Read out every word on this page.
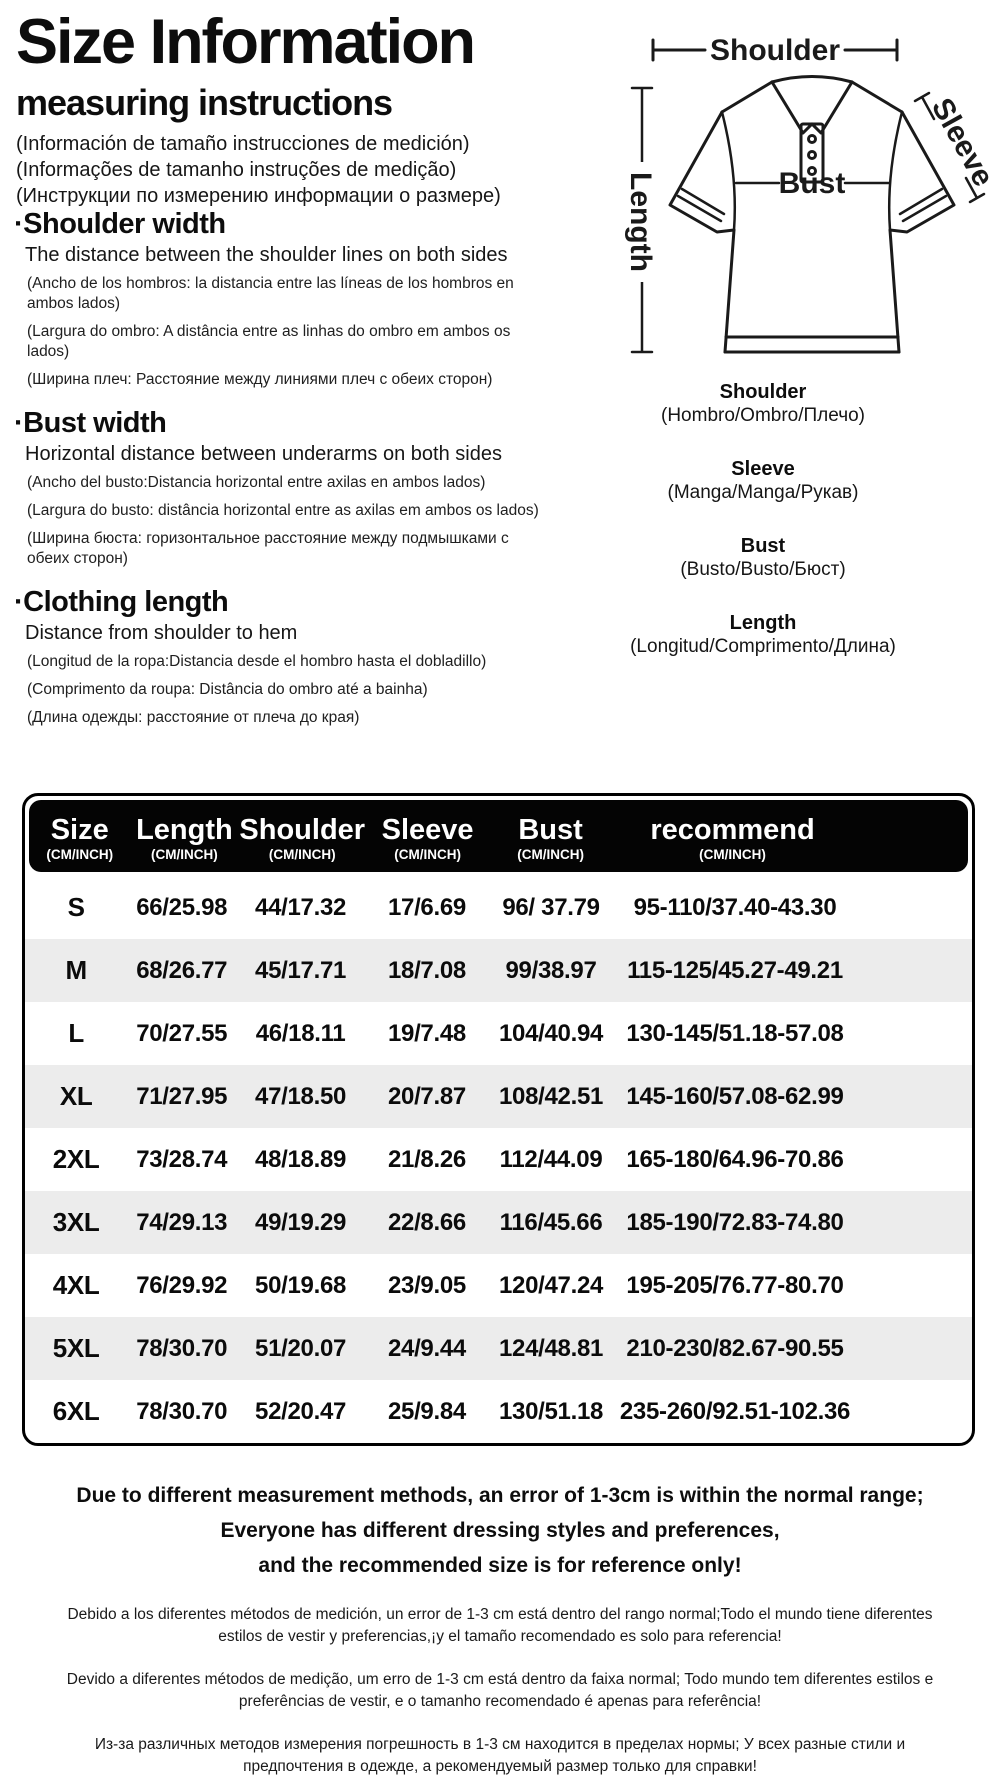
Size Information
measuring instructions
(Información de tamaño instrucciones de medición)
(Informações de tamanho instruções de medição)
(Инструкции по измерению информации о размере)
·Shoulder width
The distance between the shoulder lines on both sides
(Ancho de los hombros: la distancia entre las líneas de los hombros en ambos lados)
(Largura do ombro: A distância entre as linhas do ombro em ambos os lados)
(Ширина плеч: Расстояние между линиями плеч с обеих сторон)
·Bust width
Horizontal distance between underarms on both sides
(Ancho del busto:Distancia horizontal entre axilas en ambos lados)
(Largura do busto: distância horizontal entre as axilas em ambos os lados)
(Ширина бюста: горизонтальное расстояние между подмышками с обеих сторон)
·Clothing length
Distance from shoulder to hem
(Longitud de la ropa:Distancia desde el hombro hasta el dobladillo)
(Comprimento da roupa: Distância do ombro até a bainha)
(Длина одежды: расстояние от плеча до края)
Shoulder
Bust
Length
Sleeve
Shoulder
(Hombro/Ombro/Плечо)
Sleeve
(Manga/Manga/Рукав)
Bust
(Busto/Busto/Бюст)
Length
(Longitud/Comprimento/Длина)
Size
(CM/INCH)
Length
(CM/INCH)
Shoulder
(CM/INCH)
Sleeve
(CM/INCH)
Bust
(CM/INCH)
recommend
(CM/INCH)
S	66/25.98	44/17.32	17/6.69	96/ 37.79	95-110/37.40-43.30
M	68/26.77	45/17.71	18/7.08	99/38.97	115-125/45.27-49.21
L	70/27.55	46/18.11	19/7.48	104/40.94 130-145/51.18-57.08
XL	71/27.95	47/18.50	20/7.87	108/42.51 145-160/57.08-62.99
2XL	73/28.74	48/18.89	21/8.26	112/44.09	165-180/64.96-70.86
3XL	74/29.13	49/19.29	22/8.66	116/45.66	185-190/72.83-74.80
4XL	76/29.92	50/19.68	23/9.05	120/47.24 195-205/76.77-80.70
5XL	78/30.70	51/20.07	24/9.44	124/48.81 210-230/82.67-90.55
6XL	78/30.70	52/20.47	25/9.84	130/51.18 235-260/92.51-102.36
Due to different measurement methods, an error of 1-3cm is within the normal range;
Everyone has different dressing styles and preferences,
and the recommended size is for reference only!
Debido a los diferentes métodos de medición, un error de 1-3 cm está dentro del rango normal;Todo el mundo tiene diferentes estilos de vestir y preferencias,¡y el tamaño recomendado es solo para referencia!
Devido a diferentes métodos de medição, um erro de 1-3 cm está dentro da faixa normal; Todo mundo tem diferentes estilos e preferências de vestir, e o tamanho recomendado é apenas para referência!
Из-за различных методов измерения погрешность в 1-3 см находится в пределах нормы; У всех разные стили и предпочтения в одежде, а рекомендуемый размер только для справки!
